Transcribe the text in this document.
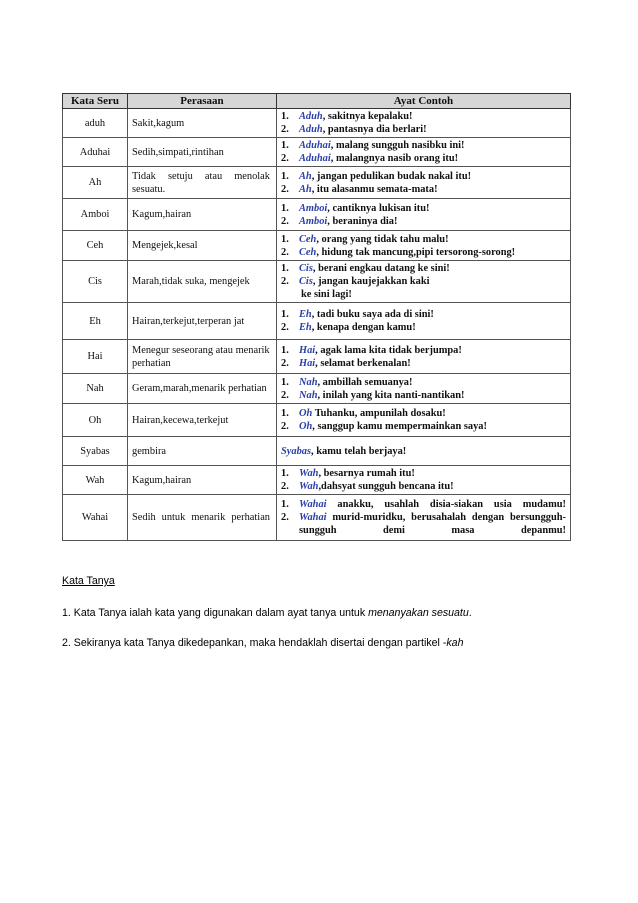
Kata Seru	Perasaan	Ayat Contoh
aduh	Sakit,kagum	1. Aduh, sakitnya kepalaku!
2. Aduh, pantasnya dia berlari!

Aduhai	Sedih,simpati,rintihan	1. Aduhai, malang sungguh nasibku ini!
2. Aduhai, malangnya nasib orang itu!

Ah	Tidak setuju atau menolak sesuatu.	1. Ah, jangan pedulikan budak nakal itu!
2. Ah, itu alasanmu semata-mata!

Amboi	Kagum,hairan	1. Amboi, cantiknya lukisan itu!
2. Amboi, beraninya dia!

Ceh	Mengejek,kesal	1. Ceh, orang yang tidak tahu malu!
2. Ceh, hidung tak mancung,pipi tersorong-sorong!

Cis	Marah,tidak suka, mengejek	1. Cis, berani engkau datang ke sini!
2. Cis, jangan kaujejakkan kaki
ke sini lagi!

Eh	Hairan,terkejut,terperan jat	1. Eh, tadi buku saya ada di sini!
2. Eh, kenapa dengan kamu!

Hai	Menegur seseorang atau menarik perhatian	1. Hai, agak lama kita tidak berjumpa!
2. Hai, selamat berkenalan!

Nah	Geram,marah,menarik perhatian	1. Nah, ambillah semuanya!
2. Nah, inilah yang kita nanti-nantikan!

Oh	Hairan,kecewa,terkejut	1. Oh Tuhanku, ampunilah dosaku!
2. Oh, sanggup kamu mempermainkan saya!

Syabas	gembira	Syabas, kamu telah berjaya!

Wah	Kagum,hairan	1. Wah, besarnya rumah itu!
2. Wah,dahsyat sungguh bencana itu!

Wahai	Sedih untuk menarik perhatian	1. Wahai anakku, usahlah disia-siakan usia mudamu!
2. Wahai murid-muridku, berusahalah dengan bersungguh-sungguh demi masa depanmu!
Kata Tanya
1. Kata Tanya ialah kata yang digunakan dalam ayat tanya untuk menanyakan sesuatu.
2. Sekiranya kata Tanya dikedepankan, maka hendaklah disertai dengan partikel -kah
